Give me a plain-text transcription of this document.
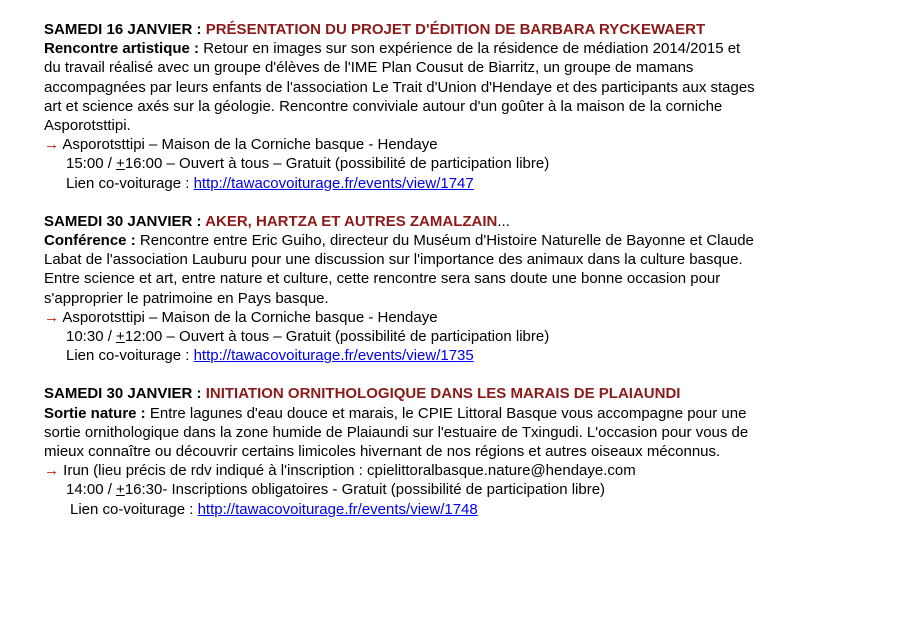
SAMEDI 16 JANVIER : PRÉSENTATION DU PROJET D'ÉDITION DE BARBARA RYCKEWAERT
Rencontre artistique : Retour en images sur son expérience de la résidence de médiation 2014/2015 et
du travail réalisé avec un groupe d'élèves de l'IME Plan Cousut de Biarritz, un groupe de mamans
accompagnées par leurs enfants de l'association Le Trait d'Union d'Hendaye et des participants aux stages
art et science axés sur la géologie. Rencontre conviviale autour d'un goûter à la maison de la corniche
Asporotsttipi.
→ Asporotsttipi – Maison de la Corniche basque - Hendaye
15:00 / +16:00 – Ouvert à tous – Gratuit (possibilité de participation libre)
Lien co-voiturage : http://tawacovoiturage.fr/events/view/1747
SAMEDI 30 JANVIER : AKER, HARTZA ET AUTRES ZAMALZAIN...
Conférence : Rencontre entre Eric Guiho, directeur du Muséum d'Histoire Naturelle de Bayonne et Claude
Labat de l'association Lauburu pour une discussion sur l'importance des animaux dans la culture basque.
Entre science et art, entre nature et culture, cette rencontre sera sans doute une bonne occasion pour
s'approprier le patrimoine en Pays basque.
→ Asporotsttipi – Maison de la Corniche basque - Hendaye
10:30 / +12:00 – Ouvert à tous – Gratuit (possibilité de participation libre)
Lien co-voiturage : http://tawacovoiturage.fr/events/view/1735
SAMEDI 30 JANVIER : INITIATION ORNITHOLOGIQUE DANS LES MARAIS DE PLAIAUNDI
Sortie nature : Entre lagunes d'eau douce et marais, le CPIE Littoral Basque vous accompagne pour une
sortie ornithologique dans la zone humide de Plaiaundi sur l'estuaire de Txingudi. L'occasion pour vous de
mieux connaître ou découvrir certains limicoles hivernant de nos régions et autres oiseaux méconnus.
→ Irun (lieu précis de rdv indiqué à l'inscription : cpielittoralbasque.nature@hendaye.com
14:00 / +16:30- Inscriptions obligatoires - Gratuit (possibilité de participation libre)
Lien co-voiturage : http://tawacovoiturage.fr/events/view/1748
